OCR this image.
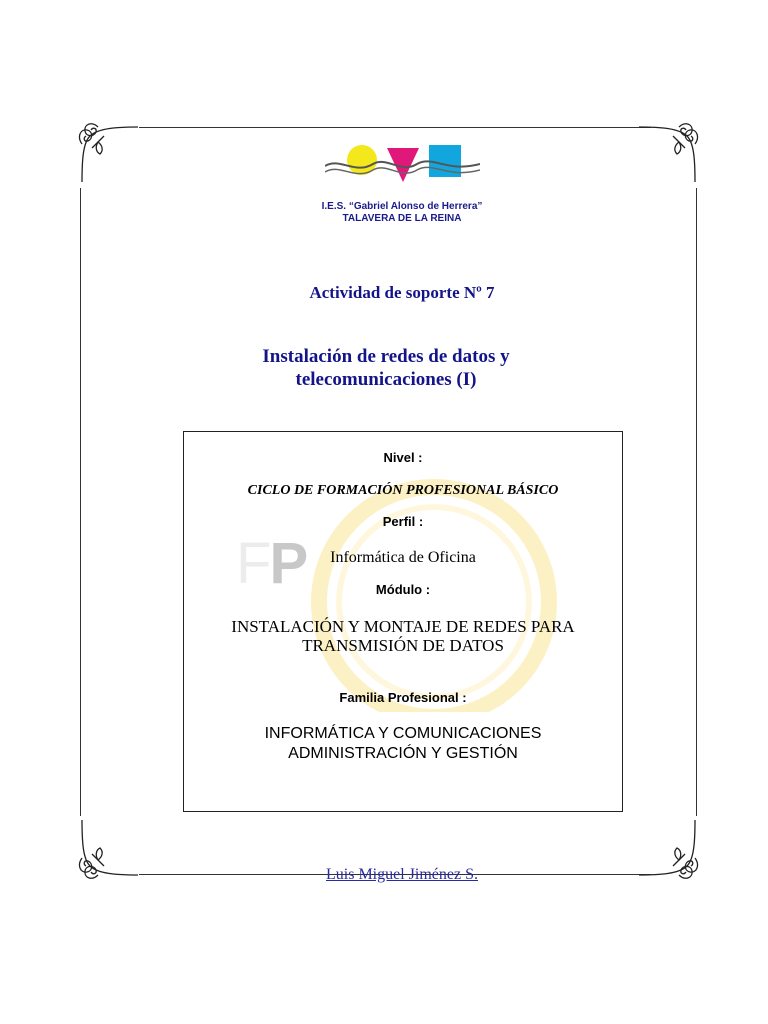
I.E.S. “Gabriel Alonso de Herrera”
TALAVERA DE LA REINA
Actividad de soporte Nº 7
Instalación de redes de datos y
telecomunicaciones (I)
FP
Nivel :
CICLO DE FORMACIÓN PROFESIONAL BÁSICO
Perfil :
Informática de Oficina
Módulo :
INSTALACIÓN Y MONTAJE DE REDES PARA
TRANSMISIÓN DE DATOS
Familia Profesional :
INFORMÁTICA Y COMUNICACIONES
ADMINISTRACIÓN Y GESTIÓN
Luis Miguel Jiménez S.
